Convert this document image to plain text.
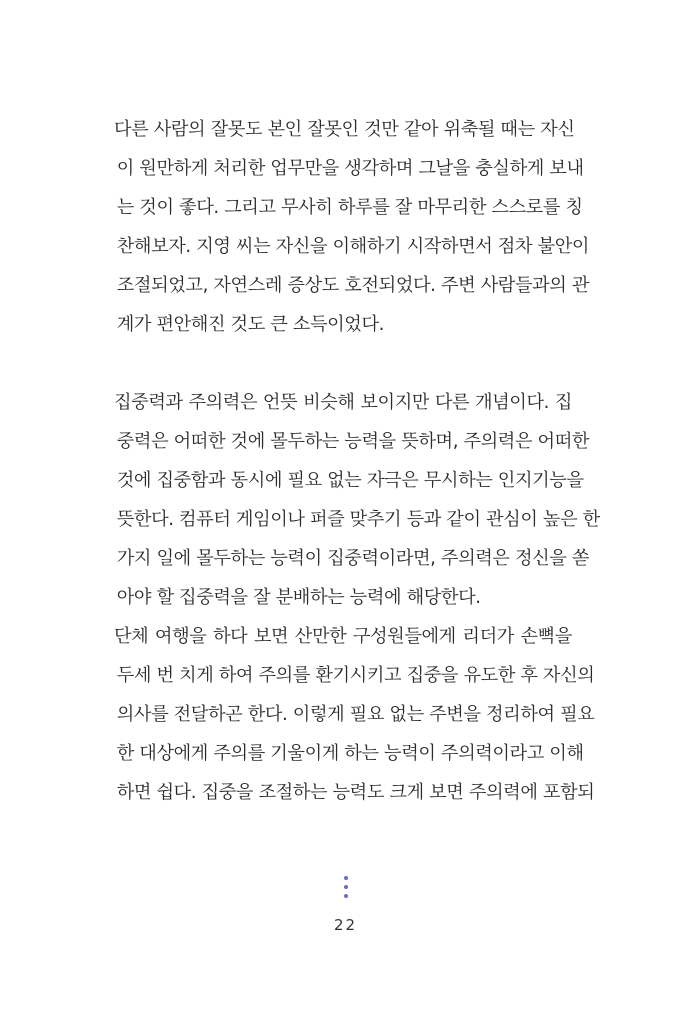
다른 사람의 잘못도 본인 잘못인 것만 같아 위축될 때는 자신
이 원만하게 처리한 업무만을 생각하며 그날을 충실하게 보내
는 것이 좋다. 그리고 무사히 하루를 잘 마무리한 스스로를 칭
찬해보자. 지영 씨는 자신을 이해하기 시작하면서 점차 불안이
조절되었고, 자연스레 증상도 호전되었다. 주변 사람들과의 관
계가 편안해진 것도 큰 소득이었다.
집중력과 주의력은 언뜻 비슷해 보이지만 다른 개념이다. 집
중력은 어떠한 것에 몰두하는 능력을 뜻하며, 주의력은 어떠한
것에 집중함과 동시에 필요 없는 자극은 무시하는 인지기능을
뜻한다. 컴퓨터 게임이나 퍼즐 맞추기 등과 같이 관심이 높은 한
가지 일에 몰두하는 능력이 집중력이라면, 주의력은 정신을 쏟
아야 할 집중력을 잘 분배하는 능력에 해당한다.
단체 여행을 하다 보면 산만한 구성원들에게 리더가 손뼉을
두세 번 치게 하여 주의를 환기시키고 집중을 유도한 후 자신의
의사를 전달하곤 한다. 이렇게 필요 없는 주변을 정리하여 필요
한 대상에게 주의를 기울이게 하는 능력이 주의력이라고 이해
하면 쉽다. 집중을 조절하는 능력도 크게 보면 주의력에 포함되
22
